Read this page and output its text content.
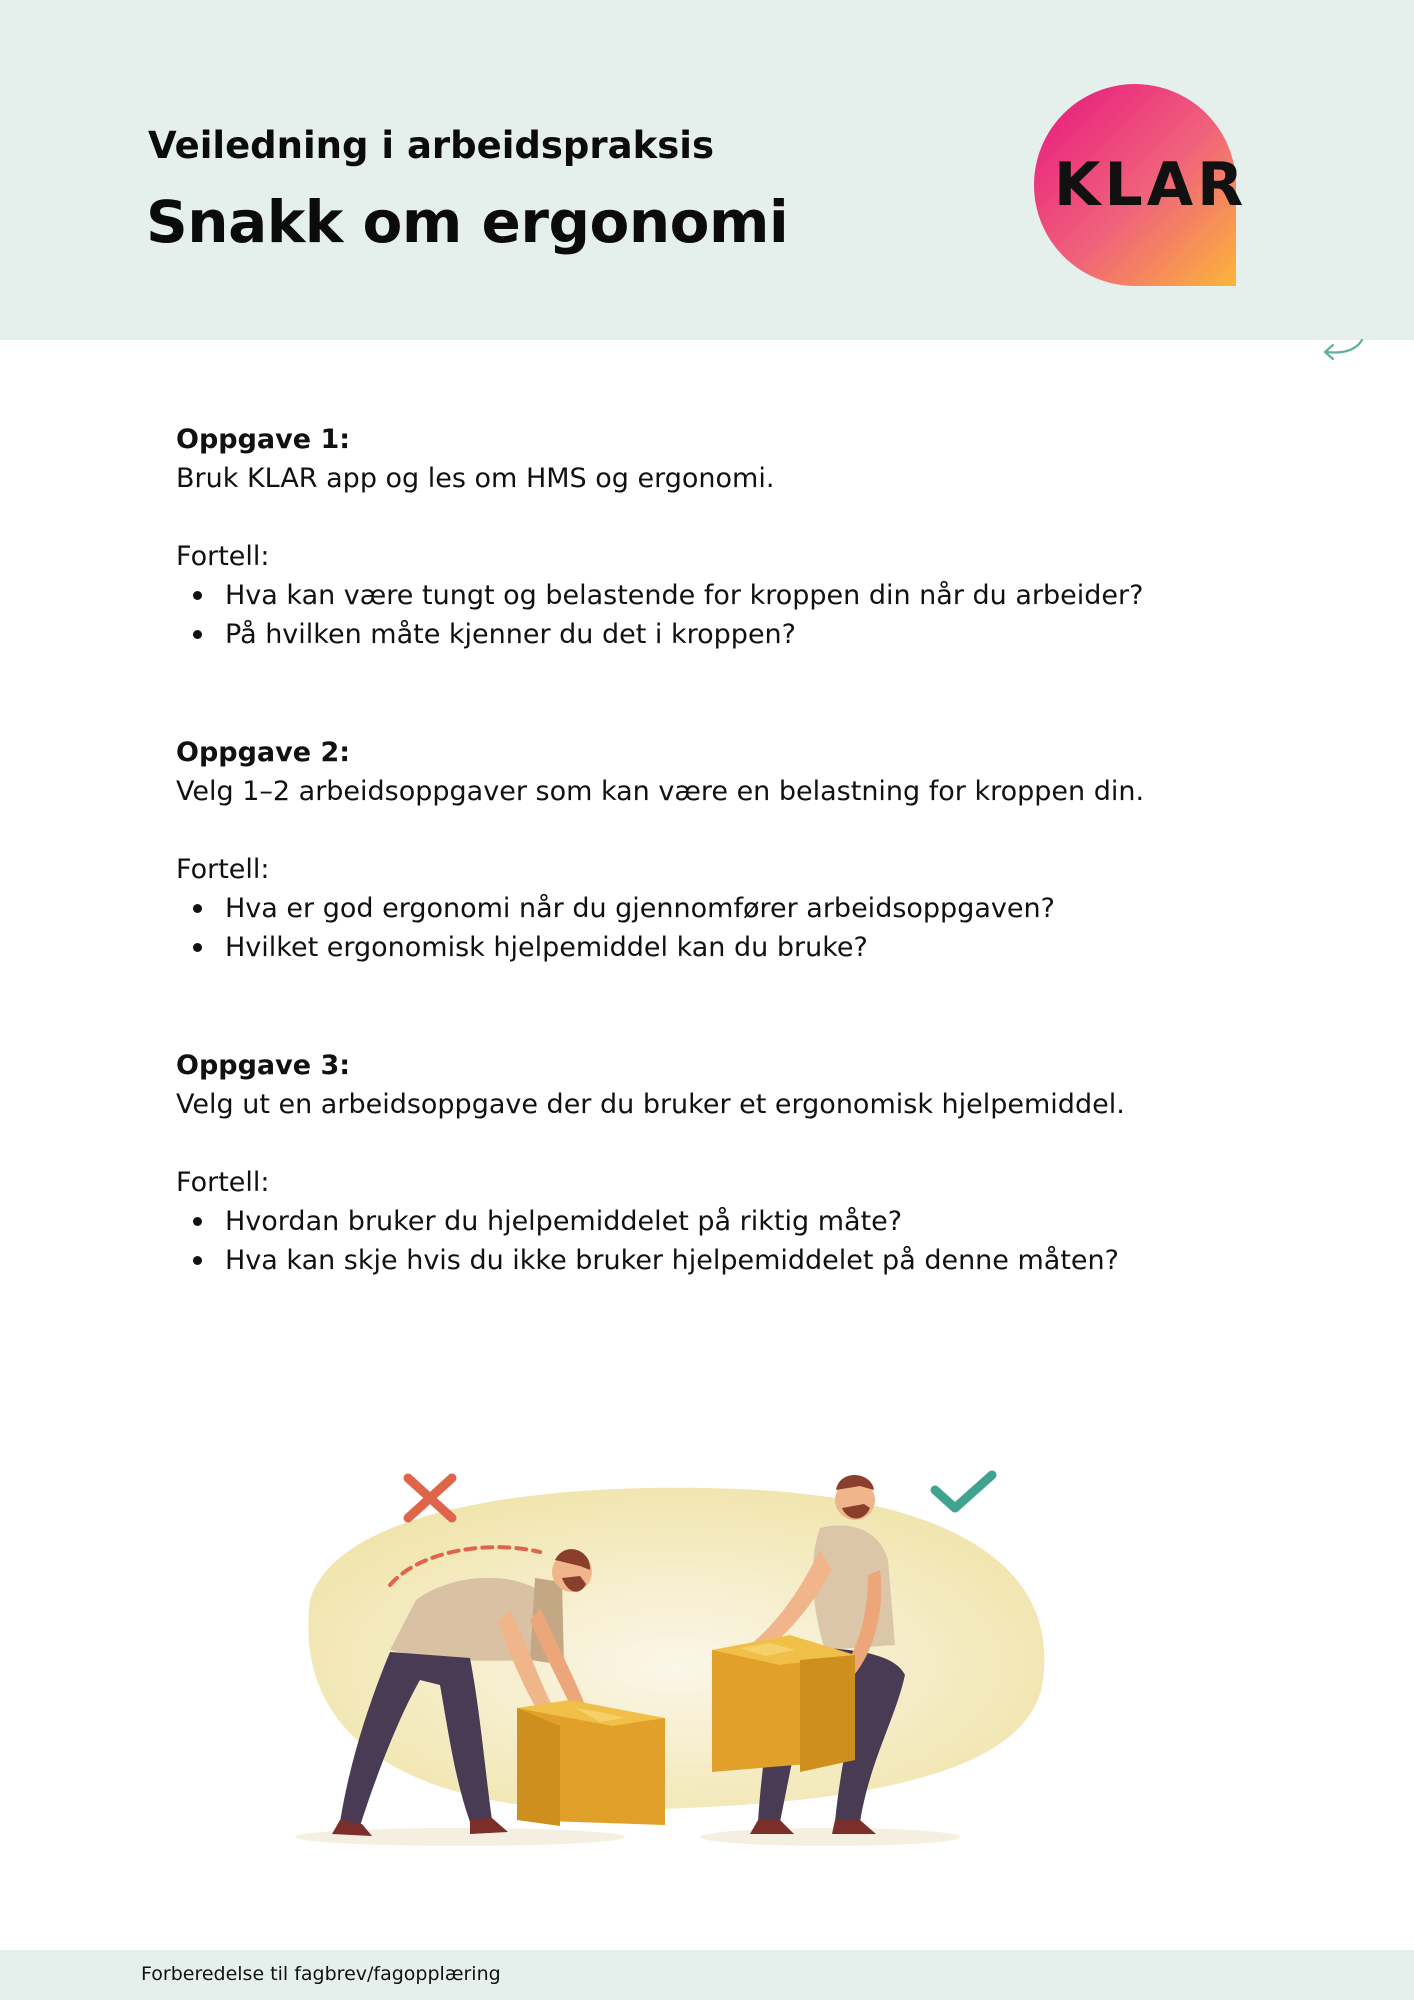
Veiledning i arbeidspraksis
Snakk om ergonomi
KLAR
Oppgave 1:
Bruk KLAR app og les om HMS og ergonomi.
Fortell:
Hva kan være tungt og belastende for kroppen din når du arbeider?
På hvilken måte kjenner du det i kroppen?
Oppgave 2:
Velg 1–2 arbeidsoppgaver som kan være en belastning for kroppen din.
Fortell:
Hva er god ergonomi når du gjennomfører arbeidsoppgaven?
Hvilket ergonomisk hjelpemiddel kan du bruke?
Oppgave 3:
Velg ut en arbeidsoppgave der du bruker et ergonomisk hjelpemiddel.
Fortell:
Hvordan bruker du hjelpemiddelet på riktig måte?
Hva kan skje hvis du ikke bruker hjelpemiddelet på denne måten?
Forberedelse til fagbrev/fagopplæring
